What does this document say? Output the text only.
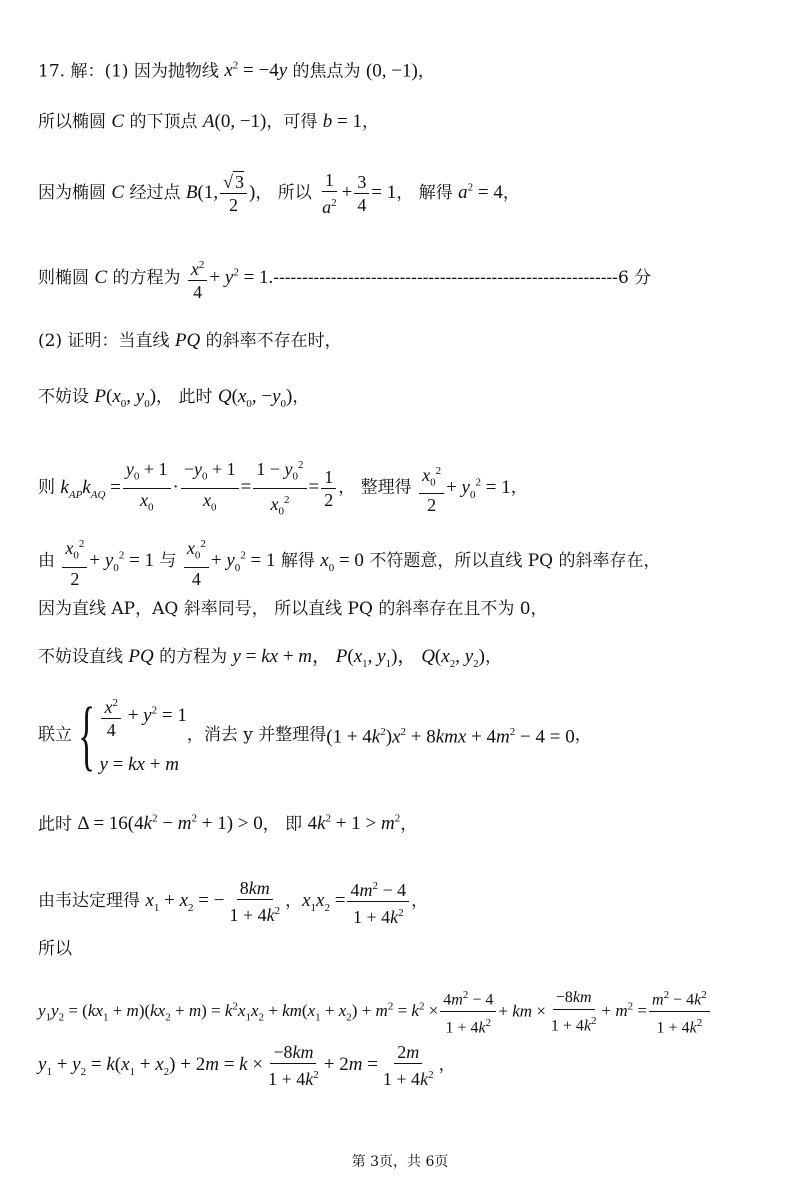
17. 解：(1) 因为抛物线 $x^2 = -4y$ 的焦点为 (0, −1)，
所以椭圆 C 的下顶点 A(0, −1)，可得 b = 1，
因为椭圆 C 经过点 B(1, $\frac{√ 3}{2}$ )， 所以 $\frac{1}{a^2} + \frac{3}{4} = 1$， 解得 $a^2 = 4$，
则椭圆 C 的方程为 $\frac{x^2}{4} + y^2 = 1.------------------------------------------------------------6$ 分
(2) 证明：当直线 PQ 的斜率不存在时，
不妨设 $P(x_0$, $y_0$)， 此时 $Q(x_0$, $-y_0$)，
则 $k_{AP}k_{AQ} = \frac{y_0 + 1}{x_0} \cdot \frac{-y_0 + 1}{x_0} = \frac{1 - y_0^2}{x_0^2} = \frac{1}{2}$ ， 整理得 $\frac{x_0^2}{2} + y_0^2 = 1$，
由 $\frac{x_0^2}{2} + y_0^2 = 1$ 与 $\frac{x_0^2}{4} + y_0^2 = 1$ 解得 $x_0 = 0$ 不符题意，所以直线 PQ 的斜率存在，
因为直线 AP，AQ 斜率同号， 所以直线 PQ 的斜率存在且不为 0，
不妨设直线 PQ 的方程为 y = kx + m， $P(x_1$, $y_1$)， $Q(x_2$, $y_2$)，
联立 { $\frac{x^2}{4} + y^2 = 1$
y = kx + m
，消去 y 并整理得 $(1 + 4k^2)x^2 + 8kmx + 4m^2 - 4 = 0$ ，
此时 $\Delta = 16(4k^2 - m^2 + 1) > 0$， 即 $4k^2 + 1 > m^2$，
由韦达定理得 $x_1 + x_2$ = − $\frac{8km}{1 + 4k^2}$ ，$x_1x_2 = \frac{4m^2 - 4}{1 + 4k^2}$ ，
所以
$y_1y_2 = (kx_1 + m)(kx_2 + m) = k^2x_1x_2 + km(x_1 + x_2) + m^2 = k^2 \times \frac{4m^2 - 4}{1 + 4k^2}$ + km × $\frac{-8km}{1 + 4k^2} + m^2 = \frac{m^2 - 4k^2}{1 + 4k^2}$
$y_1 + y_2 = k(x_1 + x_2) + 2m = k \times \frac{-8km}{1 + 4k^2} + 2m = \frac{2m}{1 + 4k^2}$ ，
第 3页，共 6页
